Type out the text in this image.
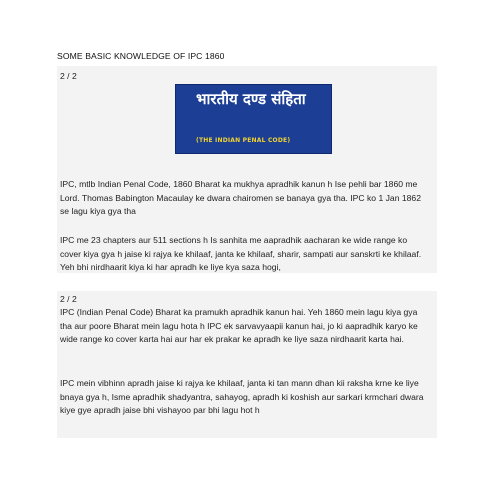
SOME BASIC KNOWLEDGE OF IPC 1860
2 / 2
भारतीय दण्ड संहिता
(THE INDIAN PENAL CODE)

IPC, mtlb Indian Penal Code, 1860 Bharat ka mukhya apradhik kanun h Ise pehli bar 1860 me Lord. Thomas Babington Macaulay ke dwara chairomen se banaya gya tha. IPC ko 1 Jan 1862 se lagu kiya gya tha

IPC me 23 chapters aur 511 sections h Is sanhita me aapradhik aacharan ke wide range ko cover kiya gya h jaise ki rajya ke khilaaf, janta ke khilaaf, sharir, sampati aur sanskrti ke khilaaf. Yeh bhi nirdhaarit kiya ki har apradh ke liye kya saza hogi,

2 / 2

IPC (Indian Penal Code) Bharat ka pramukh apradhik kanun hai. Yeh 1860 mein lagu kiya gya tha aur poore Bharat mein lagu hota h IPC ek sarvavyaapii kanun hai, jo ki aapradhik karyo ke wide range ko cover karta hai aur har ek prakar ke apradh ke liye saza nirdhaarit karta hai.

IPC mein vibhinn apradh jaise ki rajya ke khilaaf, janta ki tan mann dhan kii raksha krne ke liye bnaya gya h, Isme apradhik shadyantra, sahayog, apradh ki koshish aur sarkari krmchari dwara kiye gye apradh jaise bhi vishayoo par bhi lagu hot h
